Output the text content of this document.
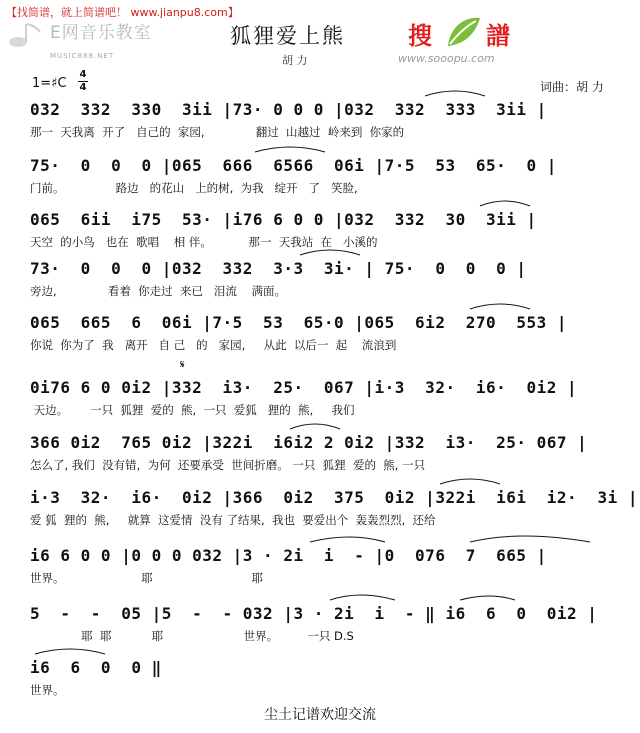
【找简谱，就上简谱吧！ www.jianpu8.com】
E网音乐教室
MUSIC888.NET
狐狸爱上熊
胡 力
搜 譜
www.sooopu.com
1=♯C
4
4	词曲：胡 力
032  332  330  3ii |73· 0 0 0 |032  332  333  3ii |
那一  天我离  开了   自己的  家园,              翻过  山越过  岭来到  你家的
75·  0  0  0 |065  666  6566  06i |7·5  53  65·  0 |
门前。              路边   的花山   上的树,  为我   绽开   了   笑脸,
065  6ii  i75  53· |i76 6 0 0 |032  332  30  3ii |
天空  的小鸟   也在  歌唱    相 伴。          那一  天我站  在   小溪的
73·  0  0  0 |032  332  3·3  3i· | 75·  0  0  0 |
旁边,              看着  你走过  来已   泪流    满面。
065  665  6  06i |7·5  53  65·0 |065  6i2  270  553 |
你说  你为了  我   离开   自 己   的   家园,     从此  以后一  起    流浪到
𝄋
0i76 6 0 0i2 |332  i3·  25·  067 |i·3  32·  i6·  0i2 |
天边。      一只  狐狸  爱的  熊,  一只  爱狐   狸的  熊,     我们
366 0i2  765 0i2 |322i  i6i2 2 0i2 |332  i3·  25· 067 |
怎么了, 我们  没有错,  为何  还要承受  世间折磨。 一只  狐狸  爱的  熊, 一只
i·3  32·  i6·  0i2 |366  0i2  375  0i2 |322i  i6i  i2·  3i |
爱 狐  狸的  熊,     就算  这爱情  没有 了结果,  我也  要爱出个  轰轰烈烈,  还给
i6 6 0 0 |0 0 0 032 |3 · 2i  i  - |0  076  7  665 |
世界。                     耶                           耶
5  -  -  05 |5  -  - 032 |3 · 2i  i  - ‖ i6  6  0  0i2 |
耶  耶           耶                      世界。        一只 D.S
i6  6  0  0 ‖
世界。
尘土记谱欢迎交流
